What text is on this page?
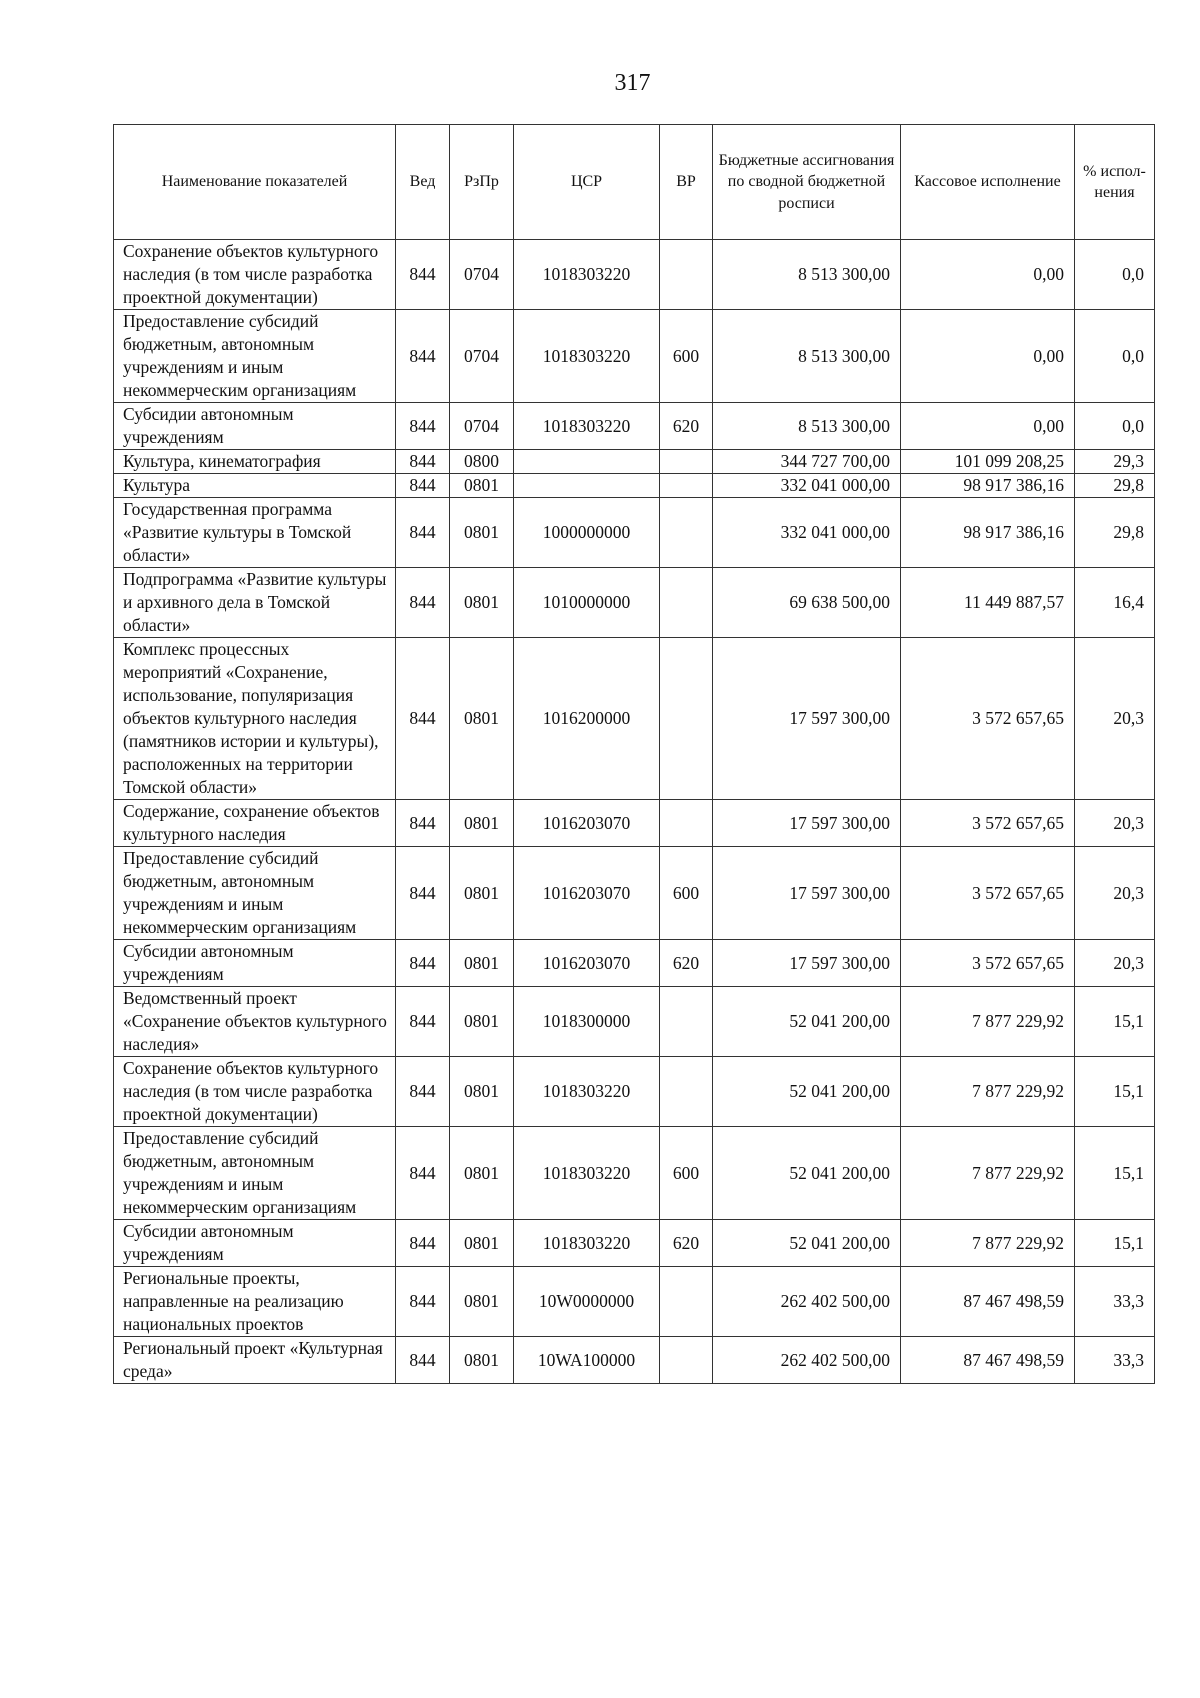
317
Наименование показателей	Вед	РзПр	ЦСР	ВР	Бюджетные ассигнования по сводной бюджетной росписи	Кассовое исполнение	% испол-нения
Сохранение объектов культурного наследия (в том числе разработка проектной документации)	844	0704	1018303220		8 513 300,00	0,00	0,0
Предоставление субсидий бюджетным, автономным учреждениям и иным некоммерческим организациям	844	0704	1018303220	600	8 513 300,00	0,00	0,0
Субсидии автономным учреждениям	844	0704	1018303220	620	8 513 300,00	0,00	0,0
Культура, кинематография	844	0800			344 727 700,00	101 099 208,25	29,3
Культура	844	0801			332 041 000,00	98 917 386,16	29,8
Государственная программа «Развитие культуры в Томской области»	844	0801	1000000000		332 041 000,00	98 917 386,16	29,8
Подпрограмма «Развитие культуры и архивного дела в Томской области»	844	0801	1010000000		69 638 500,00	11 449 887,57	16,4
Комплекс процессных мероприятий «Сохранение, использование, популяризация объектов культурного наследия (памятников истории и культуры), расположенных на территории Томской области»	844	0801	1016200000		17 597 300,00	3 572 657,65	20,3
Содержание, сохранение объектов культурного наследия	844	0801	1016203070		17 597 300,00	3 572 657,65	20,3
Предоставление субсидий бюджетным, автономным учреждениям и иным некоммерческим организациям	844	0801	1016203070	600	17 597 300,00	3 572 657,65	20,3
Субсидии автономным учреждениям	844	0801	1016203070	620	17 597 300,00	3 572 657,65	20,3
Ведомственный проект «Сохранение объектов культурного наследия»	844	0801	1018300000		52 041 200,00	7 877 229,92	15,1
Сохранение объектов культурного наследия (в том числе разработка проектной документации)	844	0801	1018303220		52 041 200,00	7 877 229,92	15,1
Предоставление субсидий бюджетным, автономным учреждениям и иным некоммерческим организациям	844	0801	1018303220	600	52 041 200,00	7 877 229,92	15,1
Субсидии автономным учреждениям	844	0801	1018303220	620	52 041 200,00	7 877 229,92	15,1
Региональные проекты, направленные на реализацию национальных проектов	844	0801	10W0000000		262 402 500,00	87 467 498,59	33,3
Региональный проект «Культурная среда»	844	0801	10WA100000		262 402 500,00	87 467 498,59	33,3
